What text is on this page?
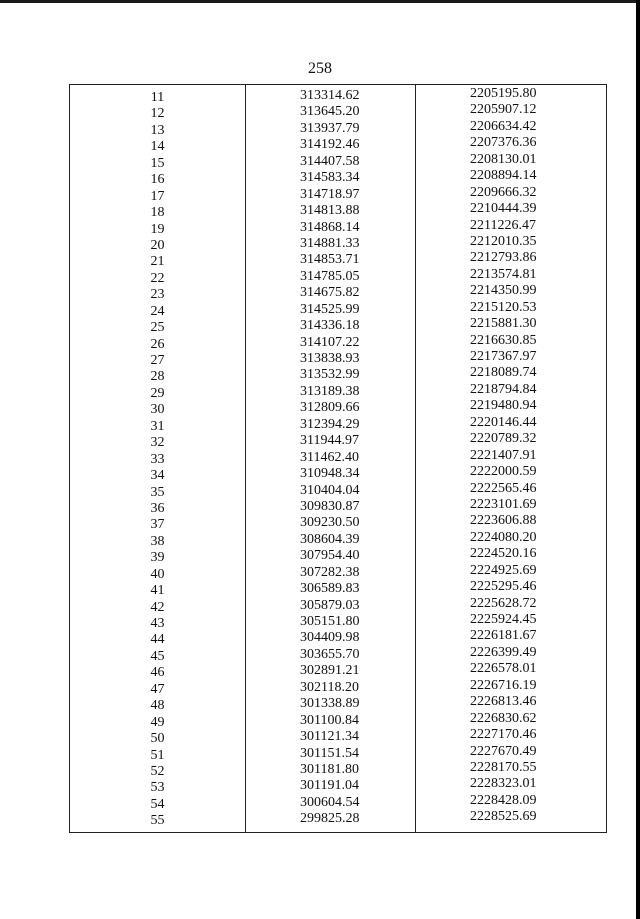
258
11	313314.62	2205195.80
12	313645.20	2205907.12
13	313937.79	2206634.42
14	314192.46	2207376.36
15	314407.58	2208130.01
16	314583.34	2208894.14
17	314718.97	2209666.32
18	314813.88	2210444.39
19	314868.14	2211226.47
20	314881.33	2212010.35
21	314853.71	2212793.86
22	314785.05	2213574.81
23	314675.82	2214350.99
24	314525.99	2215120.53
25	314336.18	2215881.30
26	314107.22	2216630.85
27	313838.93	2217367.97
28	313532.99	2218089.74
29	313189.38	2218794.84
30	312809.66	2219480.94
31	312394.29	2220146.44
32	311944.97	2220789.32
33	311462.40	2221407.91
34	310948.34	2222000.59
35	310404.04	2222565.46
36	309830.87	2223101.69
37	309230.50	2223606.88
38	308604.39	2224080.20
39	307954.40	2224520.16
40	307282.38	2224925.69
41	306589.83	2225295.46
42	305879.03	2225628.72
43	305151.80	2225924.45
44	304409.98	2226181.67
45	303655.70	2226399.49
46	302891.21	2226578.01
47	302118.20	2226716.19
48	301338.89	2226813.46
49	301100.84	2226830.62
50	301121.34	2227170.46
51	301151.54	2227670.49
52	301181.80	2228170.55
53	301191.04	2228323.01
54	300604.54	2228428.09
55	299825.28	2228525.69
